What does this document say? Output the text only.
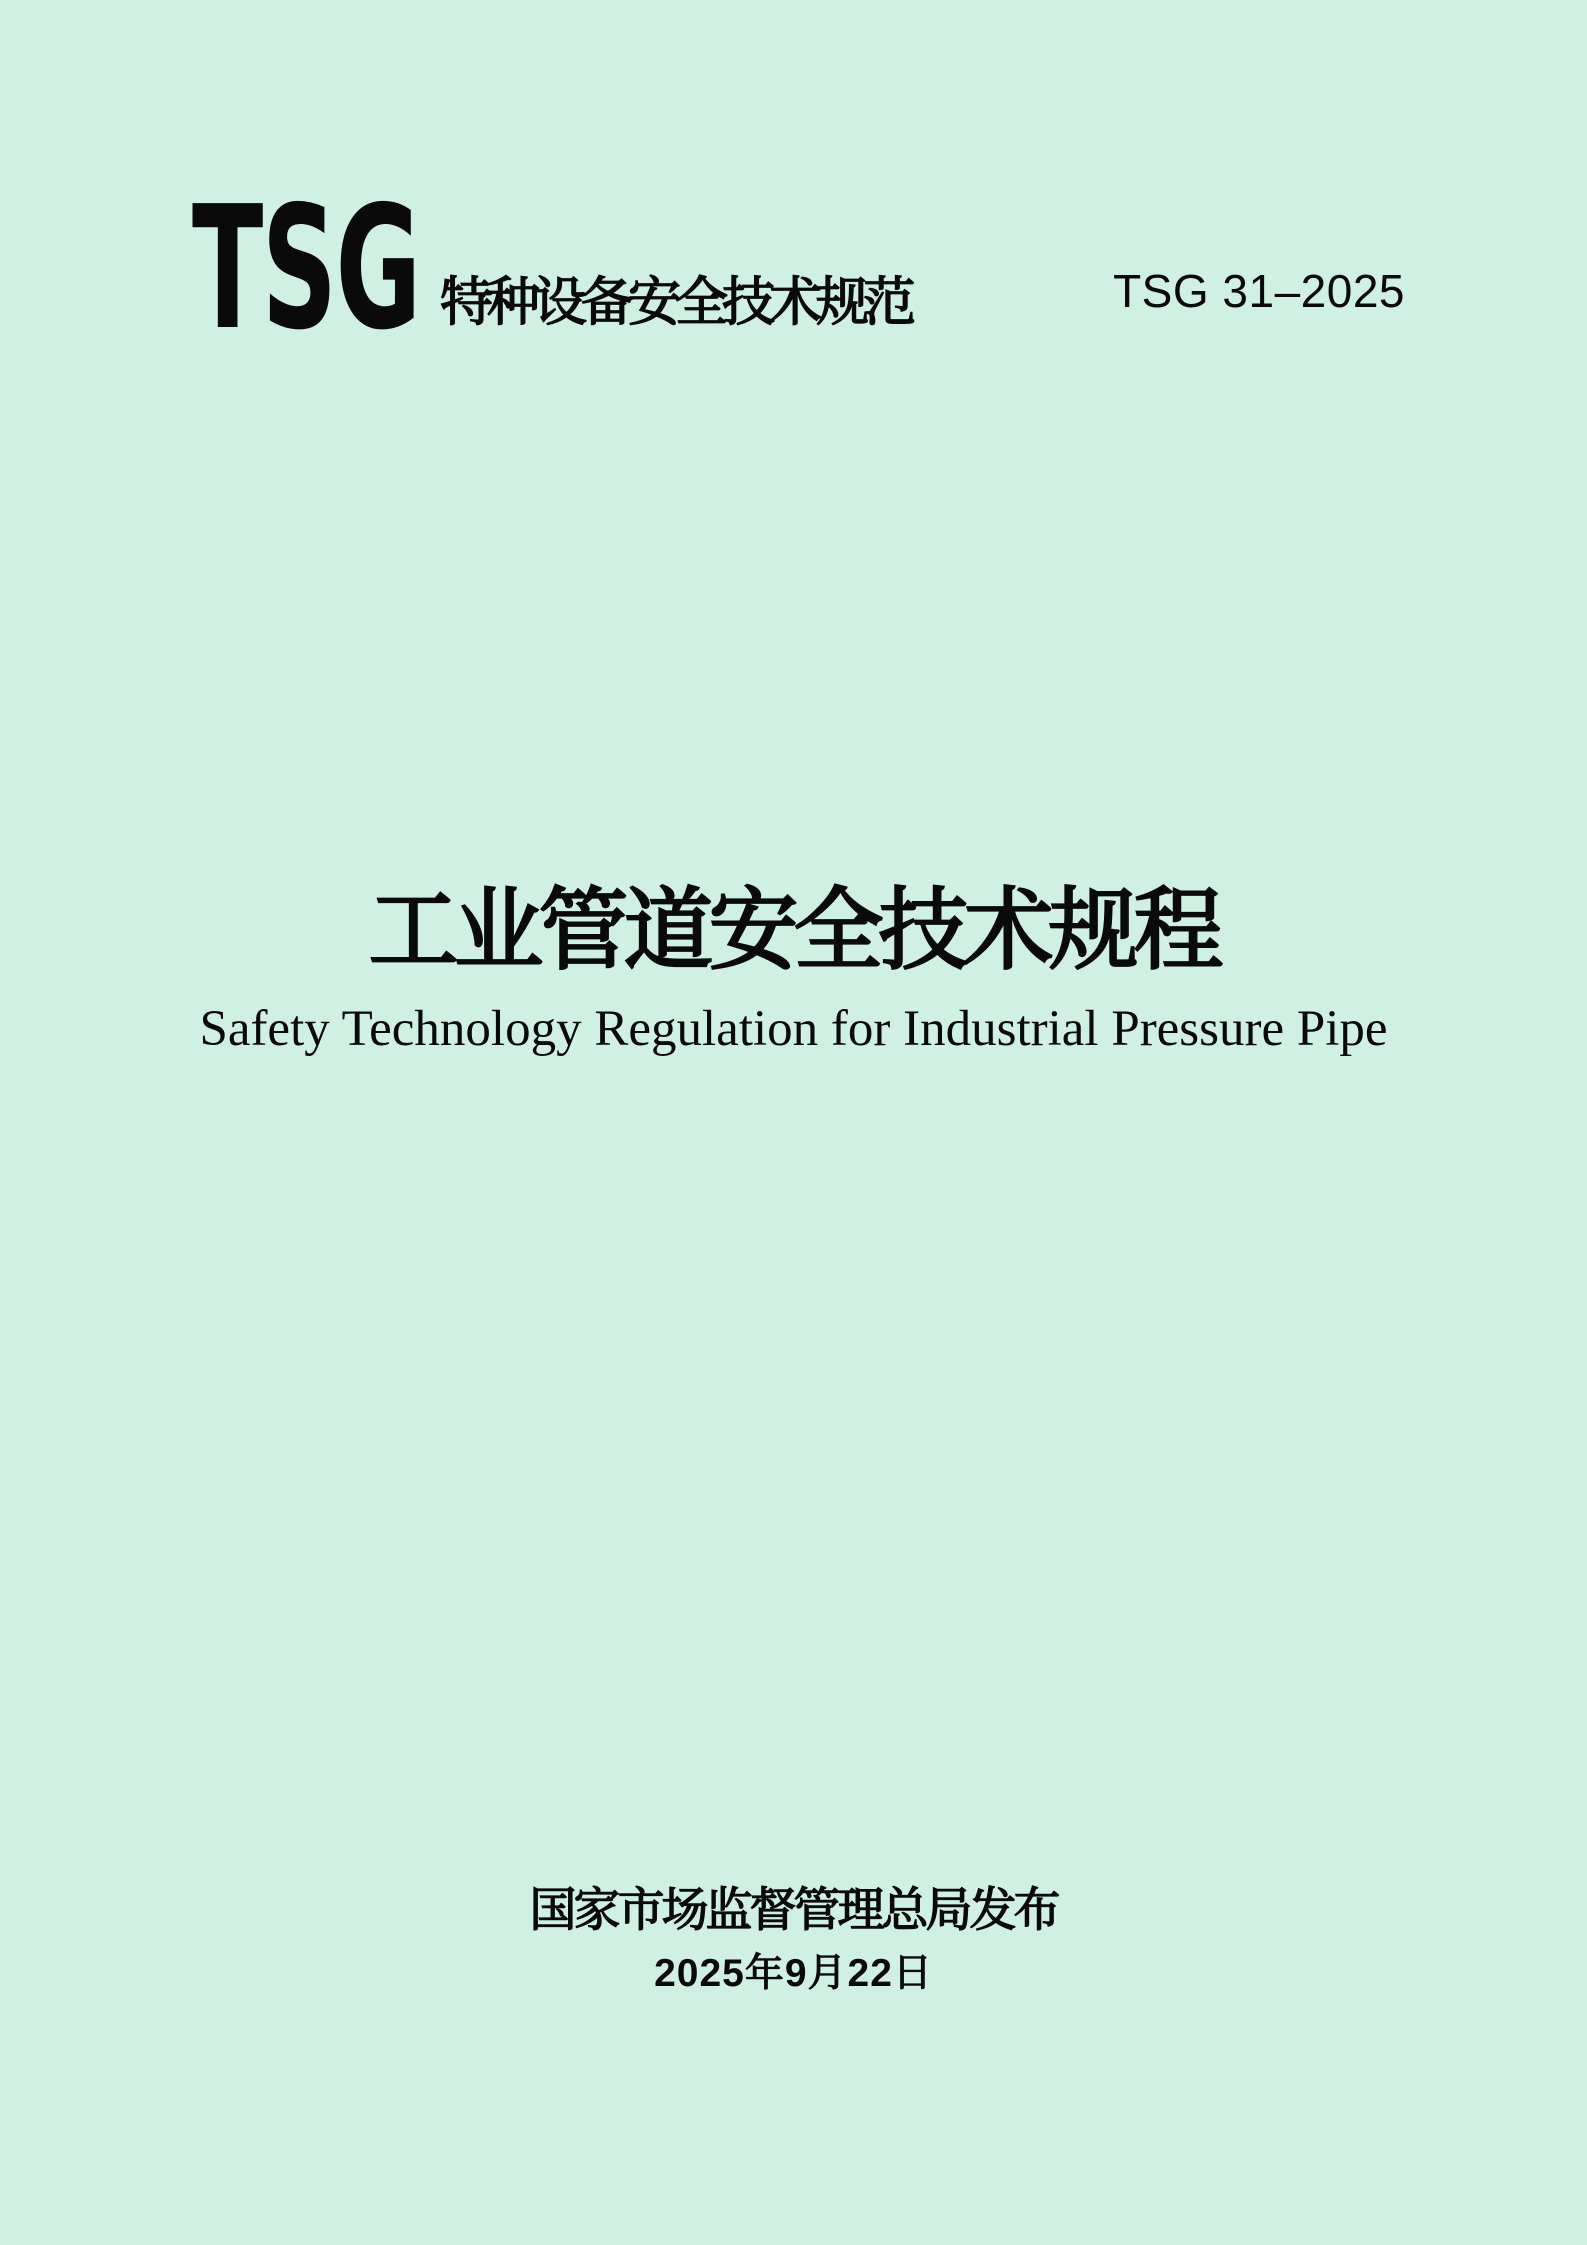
TSG 特种设备安全技术规范	TSG 31–2025
工业管道安全技术规程
Safety Technology Regulation for Industrial Pressure Pipe
国家市场监督管理总局发布
2025年9月22日
